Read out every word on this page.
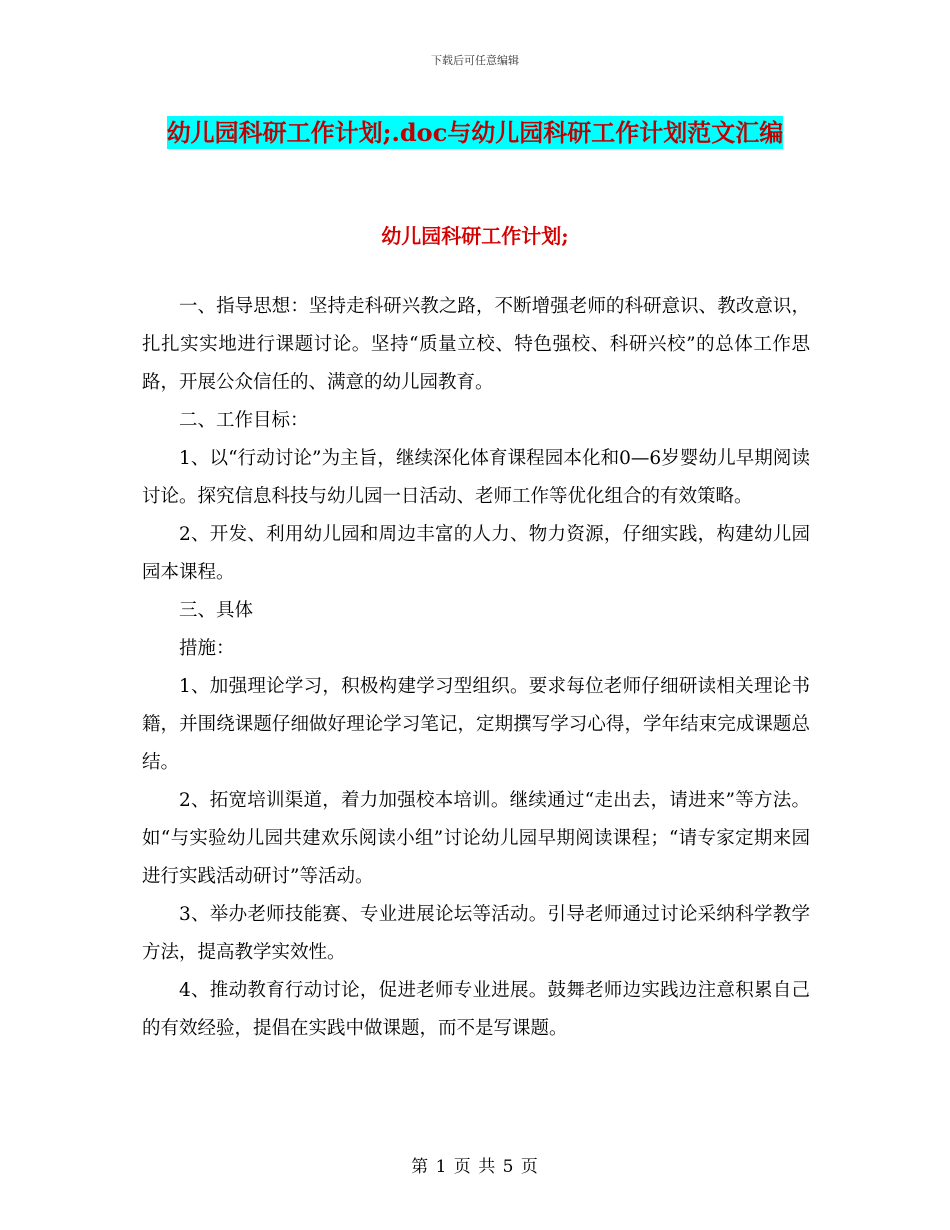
下载后可任意编辑
幼儿园科研工作计划;.doc与幼儿园科研工作计划范文汇编
幼儿园科研工作计划;

一、指导思想：坚持走科研兴教之路，不断增强老师的科研意识、教改意识，扎扎实实地进行课题讨论。坚持“质量立校、特色强校、科研兴校”的总体工作思路，开展公众信任的、满意的幼儿园教育。

二、工作目标：

1、以“行动讨论”为主旨，继续深化体育课程园本化和0—6岁婴幼儿早期阅读讨论。探究信息科技与幼儿园一日活动、老师工作等优化组合的有效策略。

2、开发、利用幼儿园和周边丰富的人力、物力资源，仔细实践，构建幼儿园园本课程。

三、具体

措施：

1、加强理论学习，积极构建学习型组织。要求每位老师仔细研读相关理论书籍，并围绕课题仔细做好理论学习笔记，定期撰写学习心得，学年结束完成课题总结。

2、拓宽培训渠道，着力加强校本培训。继续通过“走出去，请进来”等方法。如“与实验幼儿园共建欢乐阅读小组”讨论幼儿园早期阅读课程；“请专家定期来园进行实践活动研讨”等活动。

3、举办老师技能赛、专业进展论坛等活动。引导老师通过讨论采纳科学教学方法，提高教学实效性。

4、推动教育行动讨论，促进老师专业进展。鼓舞老师边实践边注意积累自己的有效经验，提倡在实践中做课题，而不是写课题。

第 1 页 共 5 页
